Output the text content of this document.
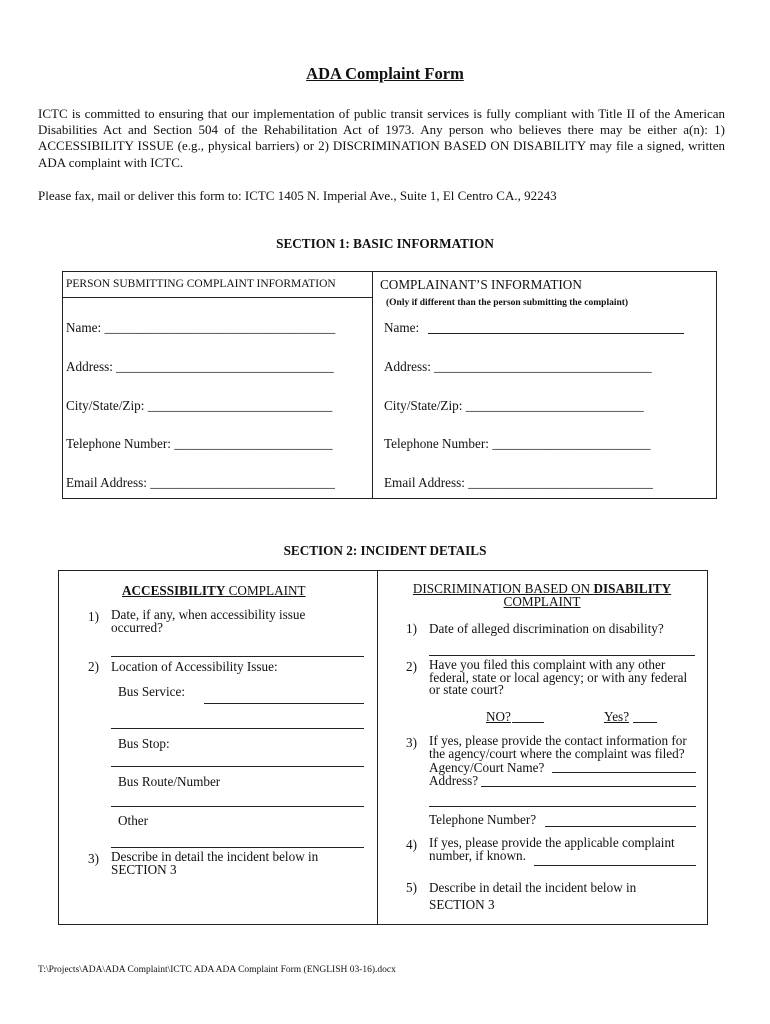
ADA Complaint Form
ICTC is committed to ensuring that our implementation of public transit services is fully compliant with Title II of the American Disabilities Act and Section 504 of the Rehabilitation Act of 1973. Any person who believes there may be either a(n): 1) ACCESSIBILITY ISSUE (e.g., physical barriers) or 2) DISCRIMINATION BASED ON DISABILITY may file a signed, written ADA complaint with ICTC.
Please fax, mail or deliver this form to: ICTC 1405 N. Imperial Ave., Suite 1, El Centro CA., 92243
SECTION 1: BASIC INFORMATION
PERSON SUBMITTING COMPLAINT INFORMATION	COMPLAINANT’S INFORMATION
(Only if different than the person submitting the complaint)
Name: ___________________________________
Address: _________________________________
City/State/Zip: ____________________________
Telephone Number: ________________________
Email Address: ____________________________
Name:
Address: _________________________________
City/State/Zip: ___________________________
Telephone Number: ________________________
Email Address: ____________________________
SECTION 2: INCIDENT DETAILS
ACCESSIBILITY COMPLAINT
1) Date, if any, when accessibility issue occurred?
2) Location of Accessibility Issue:
Bus Service:
Bus Stop:
Bus Route/Number
Other
3) Describe in detail the incident below in SECTION 3
DISCRIMINATION BASED ON DISABILITY
COMPLAINT
1) Date of alleged discrimination on disability?
2) Have you filed this complaint with any other federal, state or local agency; or with any federal or state court?
NO?	Yes?
3) If yes, please provide the contact information for the agency/court where the complaint was filed?
Agency/Court Name?
Address?
Telephone Number?
4) If yes, please provide the applicable complaint number, if known.
5) Describe in detail the incident below in
SECTION 3
T:\Projects\ADA\ADA Complaint\ICTC ADA ADA Complaint Form (ENGLISH 03-16).docx
